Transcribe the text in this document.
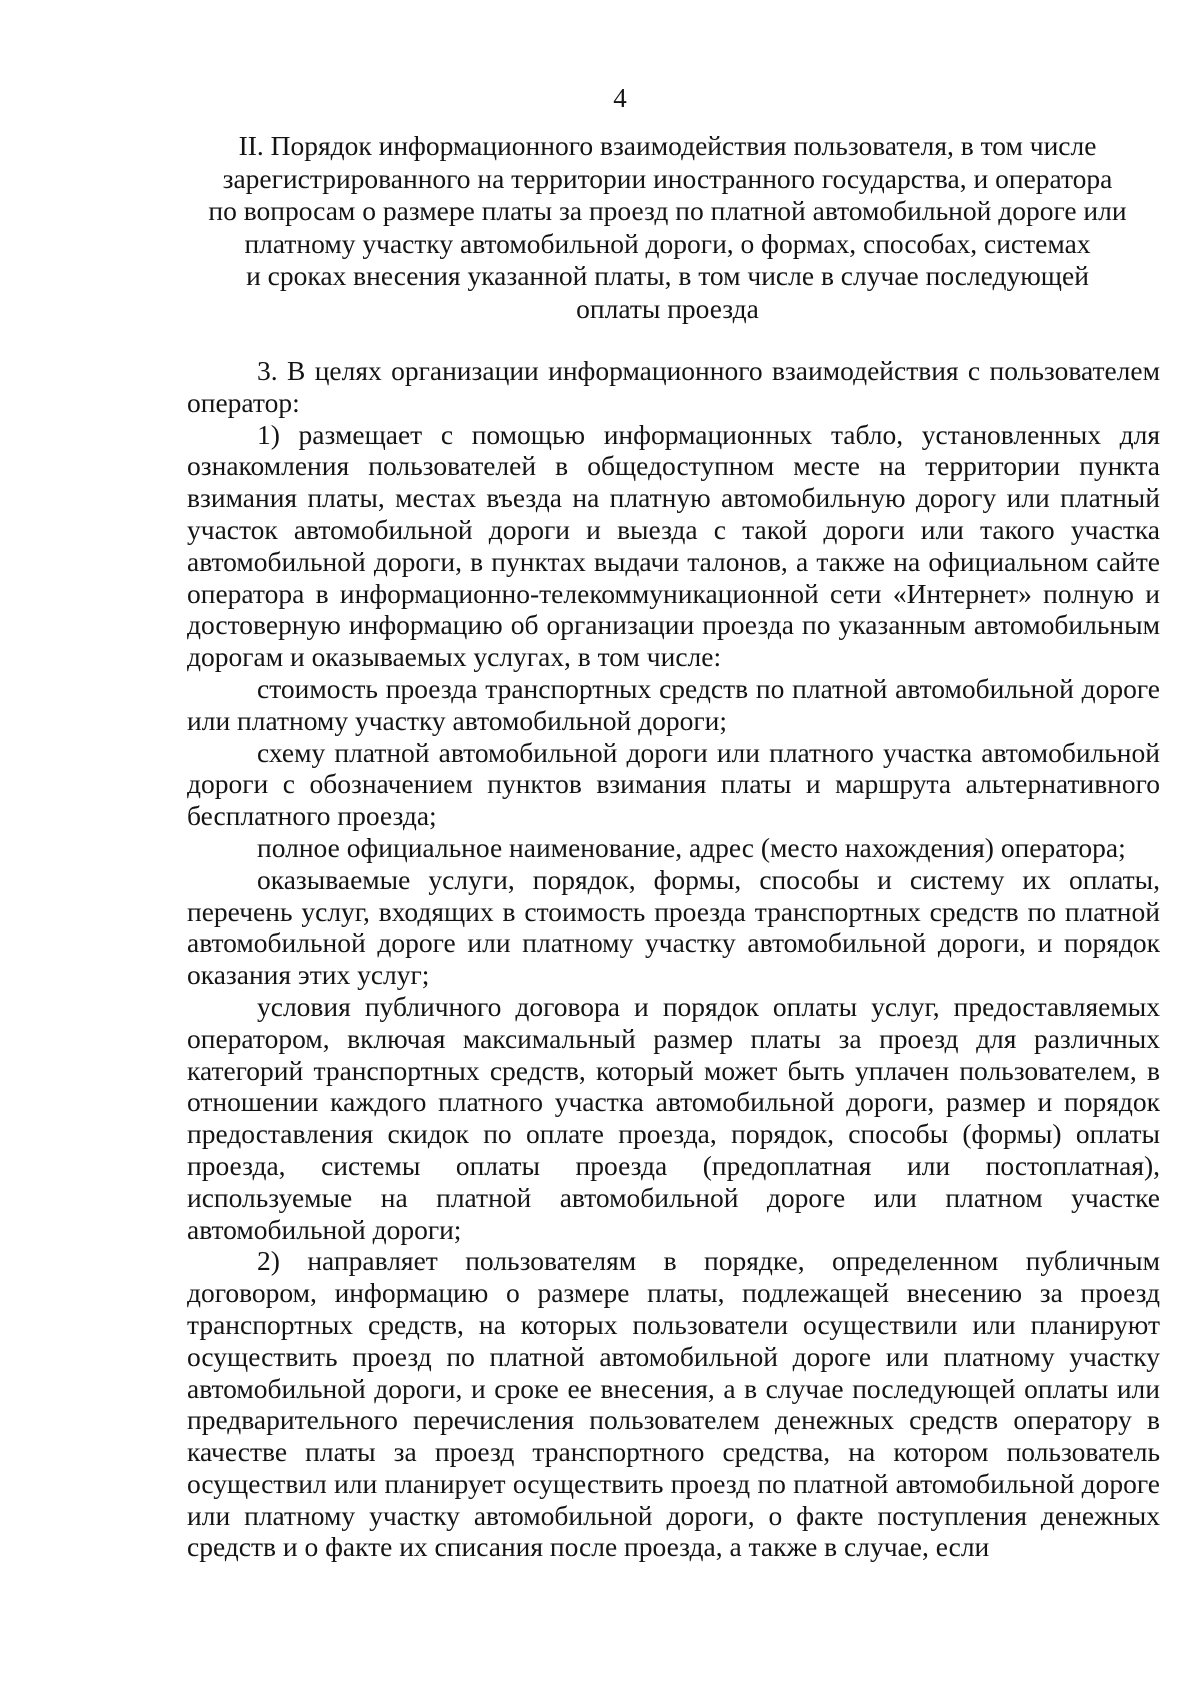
4
II. Порядок информационного взаимодействия пользователя, в том числе
зарегистрированного на территории иностранного государства, и оператора
по вопросам о размере платы за проезд по платной автомобильной дороге или
платному участку автомобильной дороги, о формах, способах, системах
и сроках внесения указанной платы, в том числе в случае последующей
оплаты проезда

3. В целях организации информационного взаимодействия с пользователем оператор:

1) размещает с помощью информационных табло, установленных для ознакомления пользователей в общедоступном месте на территории пункта взимания платы, местах въезда на платную автомобильную дорогу или платный участок автомобильной дороги и выезда с такой дороги или такого участка автомобильной дороги, в пунктах выдачи талонов, а также на официальном сайте оператора в информационно-телекоммуникационной сети «Интернет» полную и достоверную информацию об организации проезда по указанным автомобильным дорогам и оказываемых услугах, в том числе:

стоимость проезда транспортных средств по платной автомобильной дороге или платному участку автомобильной дороги;

схему платной автомобильной дороги или платного участка автомобильной дороги с обозначением пунктов взимания платы и маршрута альтернативного бесплатного проезда;

полное официальное наименование, адрес (место нахождения) оператора;

оказываемые услуги, порядок, формы, способы и систему их оплаты, перечень услуг, входящих в стоимость проезда транспортных средств по платной автомобильной дороге или платному участку автомобильной дороги, и порядок оказания этих услуг;

условия публичного договора и порядок оплаты услуг, предоставляемых оператором, включая максимальный размер платы за проезд для различных категорий транспортных средств, который может быть уплачен пользователем, в отношении каждого платного участка автомобильной дороги, размер и порядок предоставления скидок по оплате проезда, порядок, способы (формы) оплаты проезда, системы оплаты проезда (предоплатная или постоплатная), используемые на платной автомобильной дороге или платном участке автомобильной дороги;

2) направляет пользователям в порядке, определенном публичным договором, информацию о размере платы, подлежащей внесению за проезд транспортных средств, на которых пользователи осуществили или планируют осуществить проезд по платной автомобильной дороге или платному участку автомобильной дороги, и сроке ее внесения, а в случае последующей оплаты или предварительного перечисления пользователем денежных средств оператору в качестве платы за проезд транспортного средства, на котором пользователь осуществил или планирует осуществить проезд по платной автомобильной дороге или платному участку автомобильной дороги, о факте поступления денежных средств и о факте их списания после проезда, а также в случае, если
